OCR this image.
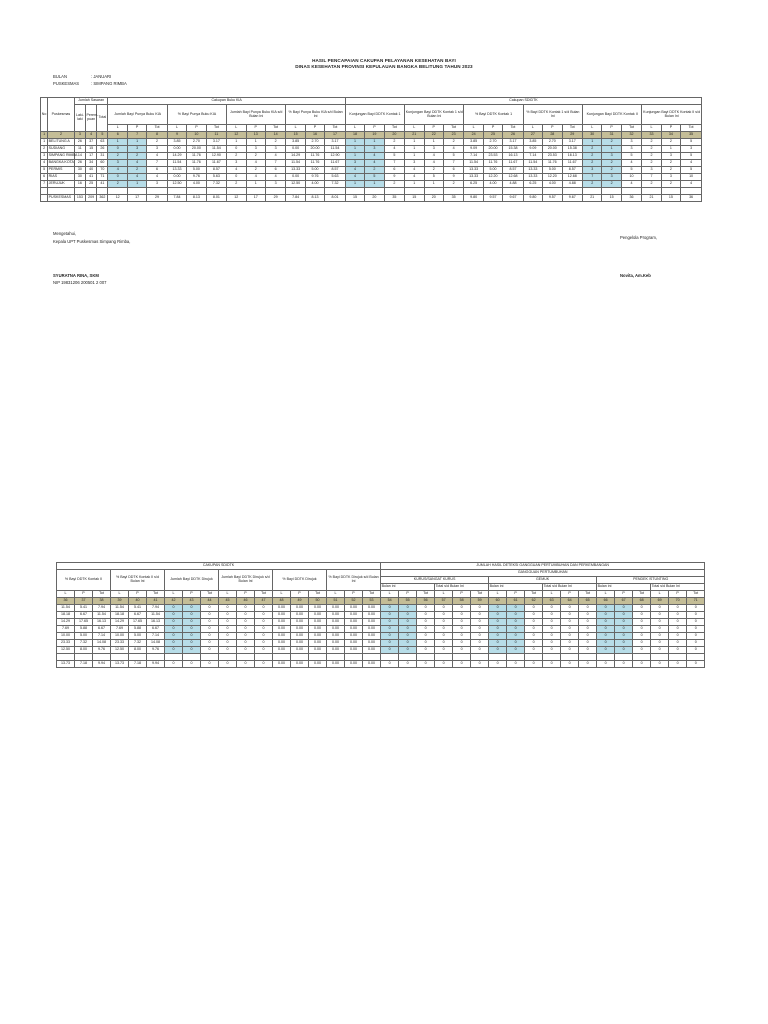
HASIL PENCAPAIAN CAKUPAN PELAYANAN KESEHATAN BAYI
DINAS KESEHATAN PROVINSI KEPULAUAN BANGKA BELITUNG TAHUN 2023
BULAN	: JANUARI
PUSKESMAS	: SIMPANG RIMBA
No	Puskesmas	Jumlah Sasaran			Cakupan Buku KIA												Cakupan SDIDTK																	
		Laki-laki	Perem-puan	Total	Jumlah Bayi Punya Buku KIA			% Bayi Punya Buku KIA			Jumlah Bayi Punya Buku KIA s/d Bulan Ini			% Bayi Punya Buku KIA s/d Bulan Ini			Kunjungan Bayi DDTK Kontak 1			Kunjungan Bayi DDTK Kontak 1 s/d Bulan Ini			% Bayi DDTK Kontak 1			% Bayi DDTK Kontak 1 s/d Bulan Ini			Kunjungan Bayi DDTK Kontak II			Kunjungan Bayi DDTK Kontak II s/d Bulan Ini		
					L	P	Tot	L	P	Tot	L	P	Tot	L	P	Tot	L	P	Tot	L	P	Tot	L	P	Tot	L	P	Tot	L	P	Tot	L	P	Tot
1	2	3	4	5	6	7	8	9	10	11	12	13	14	15	16	17	18	19	20	21	22	23	24	25	26	27	28	29	30	31	32	33	34	35
1	BELITUNG A	26	37	63	1	1	2	3.85	2.70	3.17	1	1	2	3.85	2.70	3.17	1	1	2	1	1	2	3.85	2.70	3.17	3.85	2.70	3.17	1	2	3	2	2	5
2	SUDIANG	11	15	26	0	3	3	0.00	20.00	11.54	0	3	3	0.00	20.00	11.54	1	3	4	1	3	4	9.09	20.00	15.38	9.09	20.00	15.38	2	1	3	2	1	3
3	SIMPANG RIMBA	14	17	31	2	2	4	14.29	11.76	12.90	2	2	4	14.29	11.76	12.90	1	4	5	1	4	5	7.14	23.53	16.13	7.14	23.53	16.13	2	3	5	2	3	5
4	BANGKA KOTA	26	34	60	3	4	7	11.54	11.76	11.67	3	4	7	11.54	11.76	11.67	3	4	7	3	4	7	11.54	11.76	11.67	11.54	11.76	11.67	2	2	4	2	2	4
5	PERMIS	30	40	70	4	2	6	13.33	5.00	8.57	4	2	6	13.33	5.00	8.57	4	2	6	4	2	6	13.33	5.00	8.57	13.33	5.00	8.57	3	2	5	3	2	5
6	RIAS	30	41	71	0	4	4	0.00	9.76	5.63	0	4	4	0.00	9.76	5.63	4	5	9	4	5	9	13.33	12.20	12.68	13.33	12.20	12.68	7	3	10	7	3	10
7	JERUJUK	16	25	41	2	1	3	12.50	4.00	7.32	2	1	3	12.50	4.00	7.32	1	1	2	1	1	2	6.25	4.00	4.88	6.25	4.00	4.88	2	2	4	2	2	4

	PUSKESMAS	153	209	362	12	17	29	7.84	8.13	8.01	12	17	29	7.84	8.13	8.01	15	20	35	15	20	35	9.80	9.57	9.67	9.80	9.57	9.67	21	15	36	21	15	36
Mengetahui,
Kepala UPT Puskesmas Simpang Rimba,
SYURATNA RINA, SKM
NIP 19831206 200501 2 007
Pengelola Program,
Novita, Am.Keb
CAKUPAN SDIDTK																		JUMLAH HASIL DETEKSI GANGGUAN PERTUMBUHAN DAN PERKEMBANGAN																	
% Bayi DDTK Kontak II			% Bayi DDTK Kontak II s/d Bulan Ini			Jumlah Bayi DDTK Dirujuk			Jumlah Bayi DDTK Dirujuk s/d Bulan Ini			% Bayi DDTK Dirujuk			% Bayi DDTK Dirujuk s/d Bulan Ini			GANGGUAN PERTUMBUHAN																	
																		KURUS/SANGAT KURUS						GEMUK						PENDEK /STUNTING					
																		Bulan ini			Total s/d Bulan Ini			Bulan ini			Total s/d Bulan Ini			Bulan ini			Total s/d Bulan Ini		
L	P	Tot	L	P	Tot	L	P	Tot	L	P	Tot	L	P	Tot	L	P	Tot	L	P	Tot	L	P	Tot	L	P	Tot	L	P	Tot	L	P	Tot	L	P	Tot
36	37	38	39	40	41	42	43	44	45	46	47	48	49	50	51	52	53	54	55	56	57	58	59	60	61	62	63	64	65	66	67	68	69	70	71
11.54	5.41	7.94	11.54	5.41	7.94	0	0	0	0	0	0	0.00	0.00	0.00	0.00	0.00	0.00	0	0	0	0	0	0	0	0	0	0	0	0	0	0	0	0	0	0
18.18	6.67	11.54	18.18	6.67	11.54	0	0	0	0	0	0	0.00	0.00	0.00	0.00	0.00	0.00	0	0	0	0	0	0	0	0	0	0	0	0	0	0	0	0	0	0
14.29	17.65	16.13	14.29	17.65	16.13	0	0	0	0	0	0	0.00	0.00	0.00	0.00	0.00	0.00	0	0	0	0	0	0	0	0	0	0	0	0	0	0	0	0	0	0
7.69	5.88	6.67	7.69	5.88	6.67	0	0	0	0	0	0	0.00	0.00	0.00	0.00	0.00	0.00	0	0	0	0	0	0	0	0	0	0	0	0	0	0	0	0	0	0
10.00	5.00	7.14	10.00	5.00	7.14	0	0	0	0	0	0	0.00	0.00	0.00	0.00	0.00	0.00	0	0	0	0	0	0	0	0	0	0	0	0	0	0	0	0	0	0
23.33	7.32	14.08	23.33	7.32	14.08	0	0	0	0	0	0	0.00	0.00	0.00	0.00	0.00	0.00	0	0	0	0	0	0	0	0	0	0	0	0	0	0	0	0	0	0
12.50	8.00	9.76	12.50	8.00	9.76	0	0	0	0	0	0	0.00	0.00	0.00	0.00	0.00	0.00	0	0	0	0	0	0	0	0	0	0	0	0	0	0	0	0	0	0

13.73	7.18	9.94	13.73	7.18	9.94	0	0	0	0	0	0	0.00	0.00	0.00	0.00	0.00	0.00	0	0	0	0	0	0	0	0	0	0	0	0	0	0	0	0	0	0
